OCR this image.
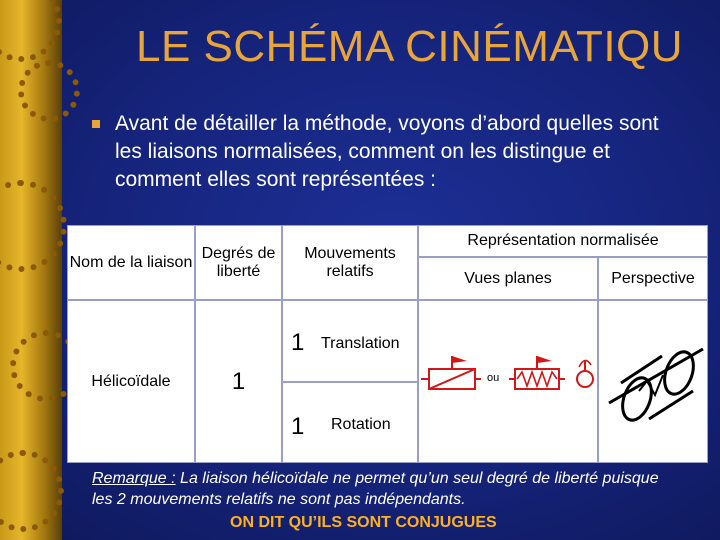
LE SCHÉMA CINÉMATIQU
Avant de détailler la méthode, voyons d’abord quelles sont les liaisons normalisées, comment on les distingue et comment elles sont représentées :
Nom de la liaison
Degrés de liberté
Mouvements relatifs
Représentation normalisée
Vues planes	Perspective
Hélicoïdale	1
1 Translation
1 Rotation
ou
Remarque : La liaison hélicoïdale ne permet qu’un seul degré de liberté puisque les 2 mouvements relatifs ne sont pas indépendants.
ON DIT QU’ILS SONT CONJUGUES
